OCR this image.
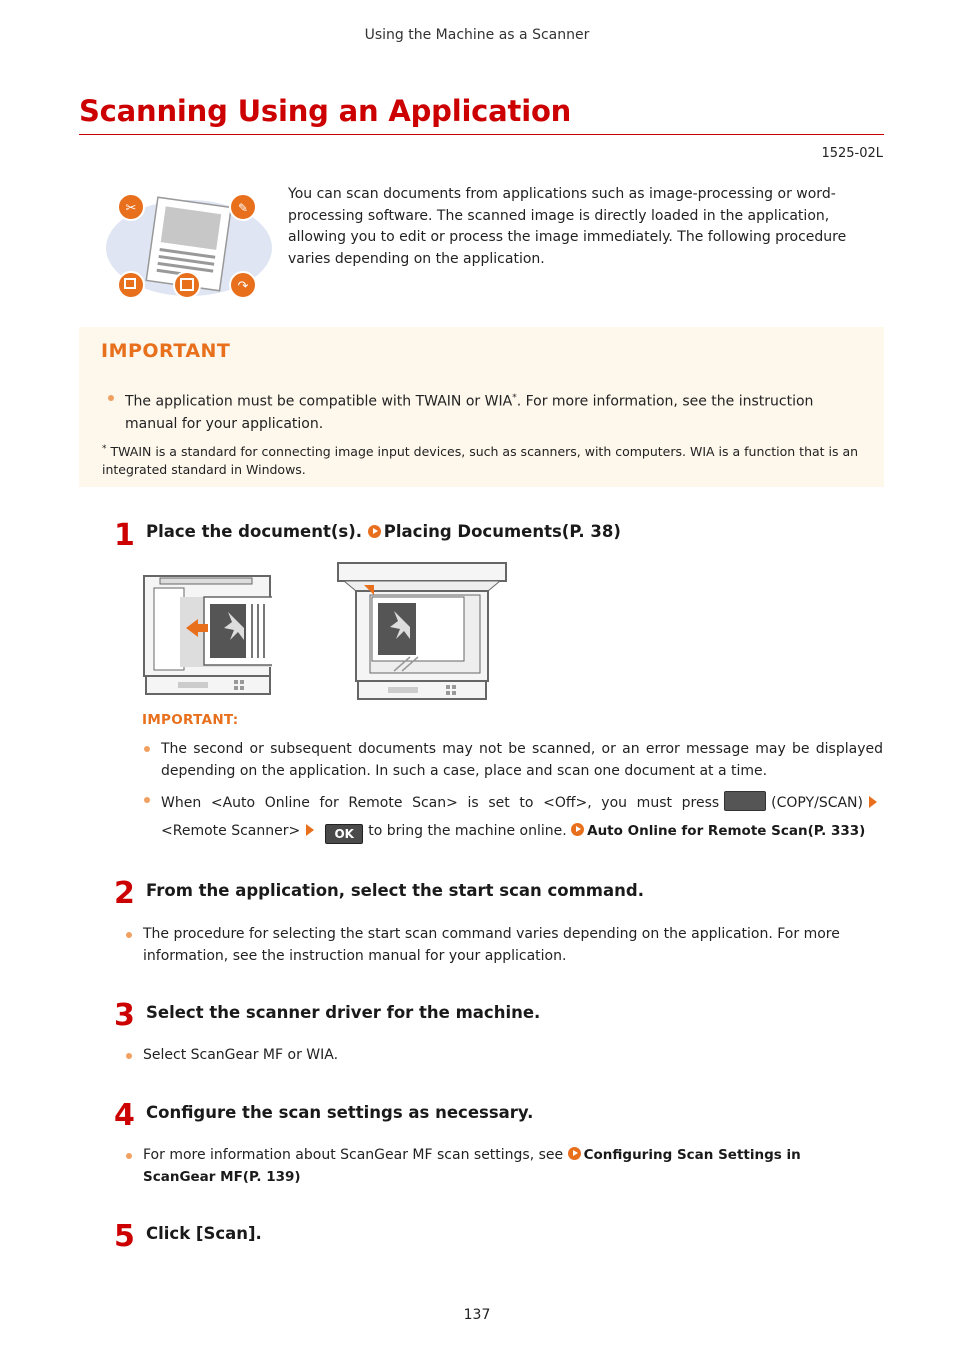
Using the Machine as a Scanner
Scanning Using an Application
1525-02L
✂	✎
↷
You can scan documents from applications such as image-processing or word-processing software. The scanned image is directly loaded in the application, allowing you to edit or process the image immediately. The following procedure varies depending on the application.
IMPORTANT
The application must be compatible with TWAIN or WIA*. For more information, see the instruction manual for your application.
* TWAIN is a standard for connecting image input devices, such as scanners, with computers. WIA is a function that is an integrated standard in Windows.
1 Place the document(s). Placing Documents(P. 38)
IMPORTANT:
The second or subsequent documents may not be scanned, or an error message may be displayed depending on the application. In such a case, place and scan one document at a time.
When <Auto Online for Remote Scan> is set to <Off>, you must press	(COPY/SCAN)<Remote Scanner>	OK to bring the machine online. Auto Online for Remote Scan(P. 333)
2 From the application, select the start scan command.
The procedure for selecting the start scan command varies depending on the application. For more information, see the instruction manual for your application.
3 Select the scanner driver for the machine.
Select ScanGear MF or WIA.
4 Configure the scan settings as necessary.
For more information about ScanGear MF scan settings, see Configuring Scan Settings in ScanGear MF(P. 139)
5 Click [Scan].
137
